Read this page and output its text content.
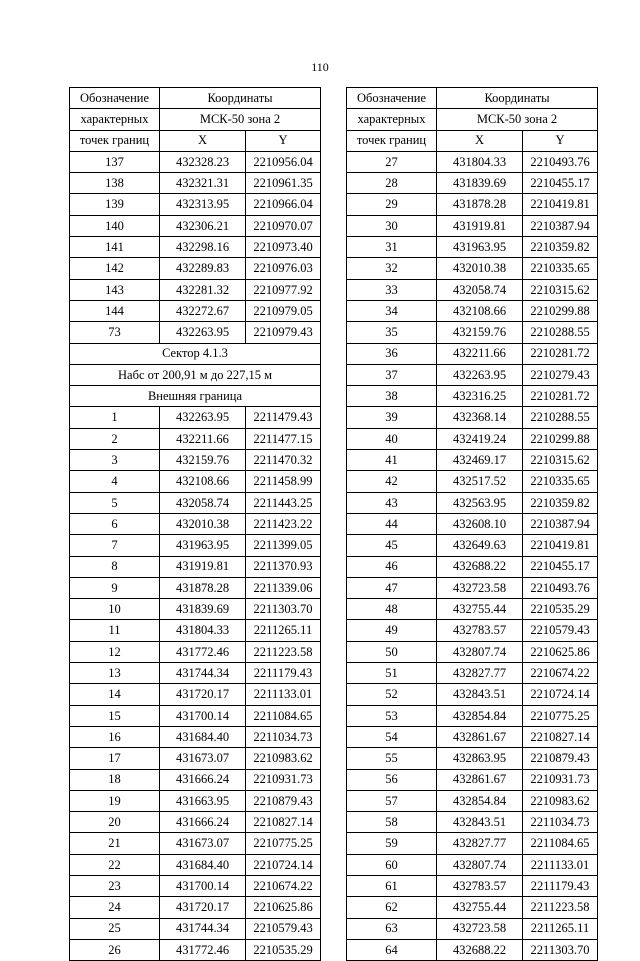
110
Обозначение	Координаты	
характерных	МСК-50 зона 2	
точек границ	X	Y
137	432328.23	2210956.04
138	432321.31	2210961.35
139	432313.95	2210966.04
140	432306.21	2210970.07
141	432298.16	2210973.40
142	432289.83	2210976.03
143	432281.32	2210977.92
144	432272.67	2210979.05
73	432263.95	2210979.43
Сектор 4.1.3		
Набс от 200,91 м до 227,15 м		
Внешняя граница		
1	432263.95	2211479.43
2	432211.66	2211477.15
3	432159.76	2211470.32
4	432108.66	2211458.99
5	432058.74	2211443.25
6	432010.38	2211423.22
7	431963.95	2211399.05
8	431919.81	2211370.93
9	431878.28	2211339.06
10	431839.69	2211303.70
11	431804.33	2211265.11
12	431772.46	2211223.58
13	431744.34	2211179.43
14	431720.17	2211133.01
15	431700.14	2211084.65
16	431684.40	2211034.73
17	431673.07	2210983.62
18	431666.24	2210931.73
19	431663.95	2210879.43
20	431666.24	2210827.14
21	431673.07	2210775.25
22	431684.40	2210724.14
23	431700.14	2210674.22
24	431720.17	2210625.86
25	431744.34	2210579.43
26	431772.46	2210535.29
Обозначение	Координаты	
характерных	МСК-50 зона 2	
точек границ	X	Y
27	431804.33	2210493.76
28	431839.69	2210455.17
29	431878.28	2210419.81
30	431919.81	2210387.94
31	431963.95	2210359.82
32	432010.38	2210335.65
33	432058.74	2210315.62
34	432108.66	2210299.88
35	432159.76	2210288.55
36	432211.66	2210281.72
37	432263.95	2210279.43
38	432316.25	2210281.72
39	432368.14	2210288.55
40	432419.24	2210299.88
41	432469.17	2210315.62
42	432517.52	2210335.65
43	432563.95	2210359.82
44	432608.10	2210387.94
45	432649.63	2210419.81
46	432688.22	2210455.17
47	432723.58	2210493.76
48	432755.44	2210535.29
49	432783.57	2210579.43
50	432807.74	2210625.86
51	432827.77	2210674.22
52	432843.51	2210724.14
53	432854.84	2210775.25
54	432861.67	2210827.14
55	432863.95	2210879.43
56	432861.67	2210931.73
57	432854.84	2210983.62
58	432843.51	2211034.73
59	432827.77	2211084.65
60	432807.74	2211133.01
61	432783.57	2211179.43
62	432755.44	2211223.58
63	432723.58	2211265.11
64	432688.22	2211303.70
